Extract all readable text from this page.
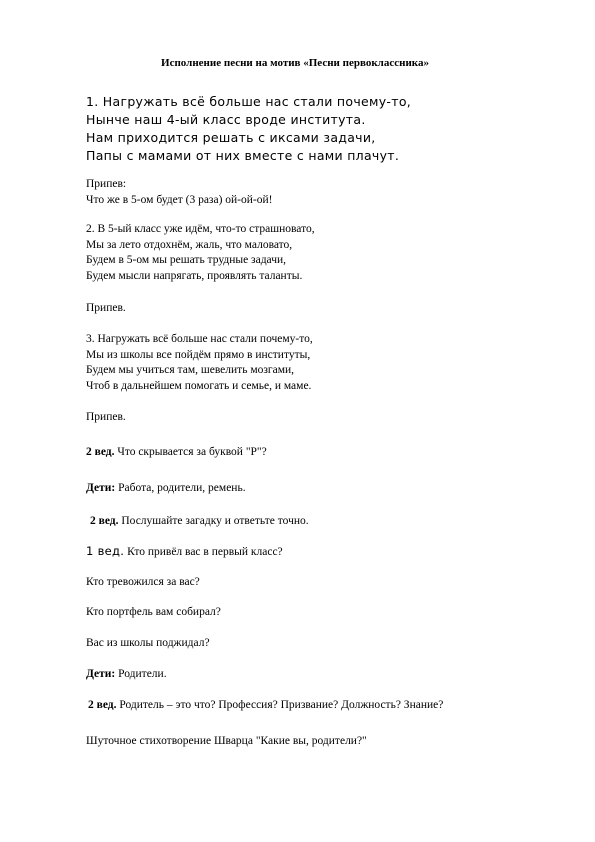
Исполнение песни на мотив «Песни первоклассника»
1. Нагружать всё больше нас стали почему-то,
Нынче наш 4-ый класс вроде института.
Нам приходится решать с иксами задачи,
Папы с мамами от них вместе с нами плачут.
Припев:
Что же в 5-ом будет (3 раза) ой-ой-ой!
2. В 5-ый класс уже идём, что-то страшновато,
Мы за лето отдохнём, жаль, что маловато,
Будем в 5-ом мы решать трудные задачи,
Будем мысли напрягать, проявлять таланты.
Припев.
3. Нагружать всё больше нас стали почему-то,
Мы из школы все пойдём прямо в институты,
Будем мы учиться там, шевелить мозгами,
Чтоб в дальнейшем помогать и семье, и маме.
Припев.
2 вед. Что скрывается за буквой "Р"?
Дети: Работа, родители, ремень.
2 вед. Послушайте загадку и ответьте точно.
1 вед. Кто привёл вас в первый класс?
Кто тревожился за вас?
Кто портфель вам собирал?
Вас из школы поджидал?
Дети: Родители.
2 вед. Родитель – это что? Профессия? Призвание? Должность? Знание?
Шуточное стихотворение Шварца "Какие вы, родители?"
